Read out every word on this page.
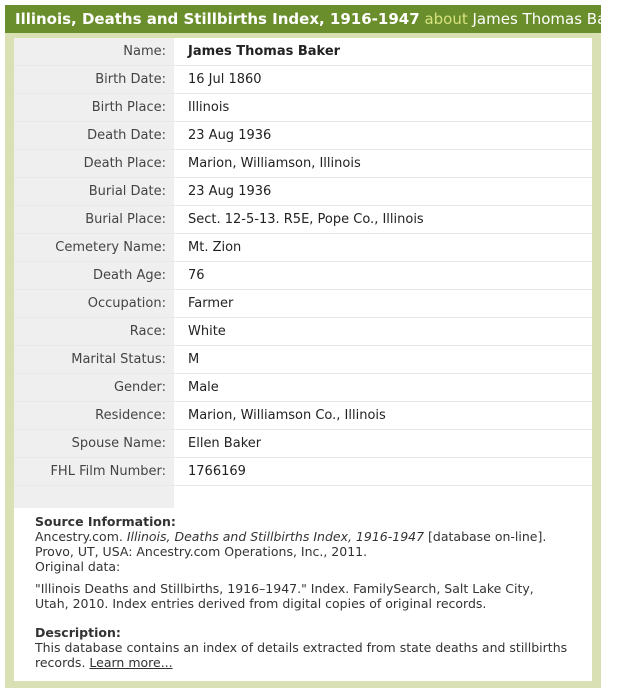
Illinois, Deaths and Stillbirths Index, 1916-1947 about James Thomas Baker
Name:	James Thomas Baker
Birth Date:	16 Jul 1860
Birth Place:	Illinois
Death Date:	23 Aug 1936
Death Place:	Marion, Williamson, Illinois
Burial Date:	23 Aug 1936
Burial Place:	Sect. 12-5-13. R5E, Pope Co., Illinois
Cemetery Name:	Mt. Zion
Death Age:	76
Occupation:	Farmer
Race:	White
Marital Status:	M
Gender:	Male
Residence:	Marion, Williamson Co., Illinois
Spouse Name:	Ellen Baker
FHL Film Number:	1766169

Source Information:
Ancestry.com. Illinois, Deaths and Stillbirths Index, 1916-1947 [database on-line].
Provo, UT, USA: Ancestry.com Operations, Inc., 2011.
Original data:
"Illinois Deaths and Stillbirths, 1916–1947." Index. FamilySearch, Salt Lake City,
Utah, 2010. Index entries derived from digital copies of original records.
Description:
This database contains an index of details extracted from state deaths and stillbirths
records. Learn more...
